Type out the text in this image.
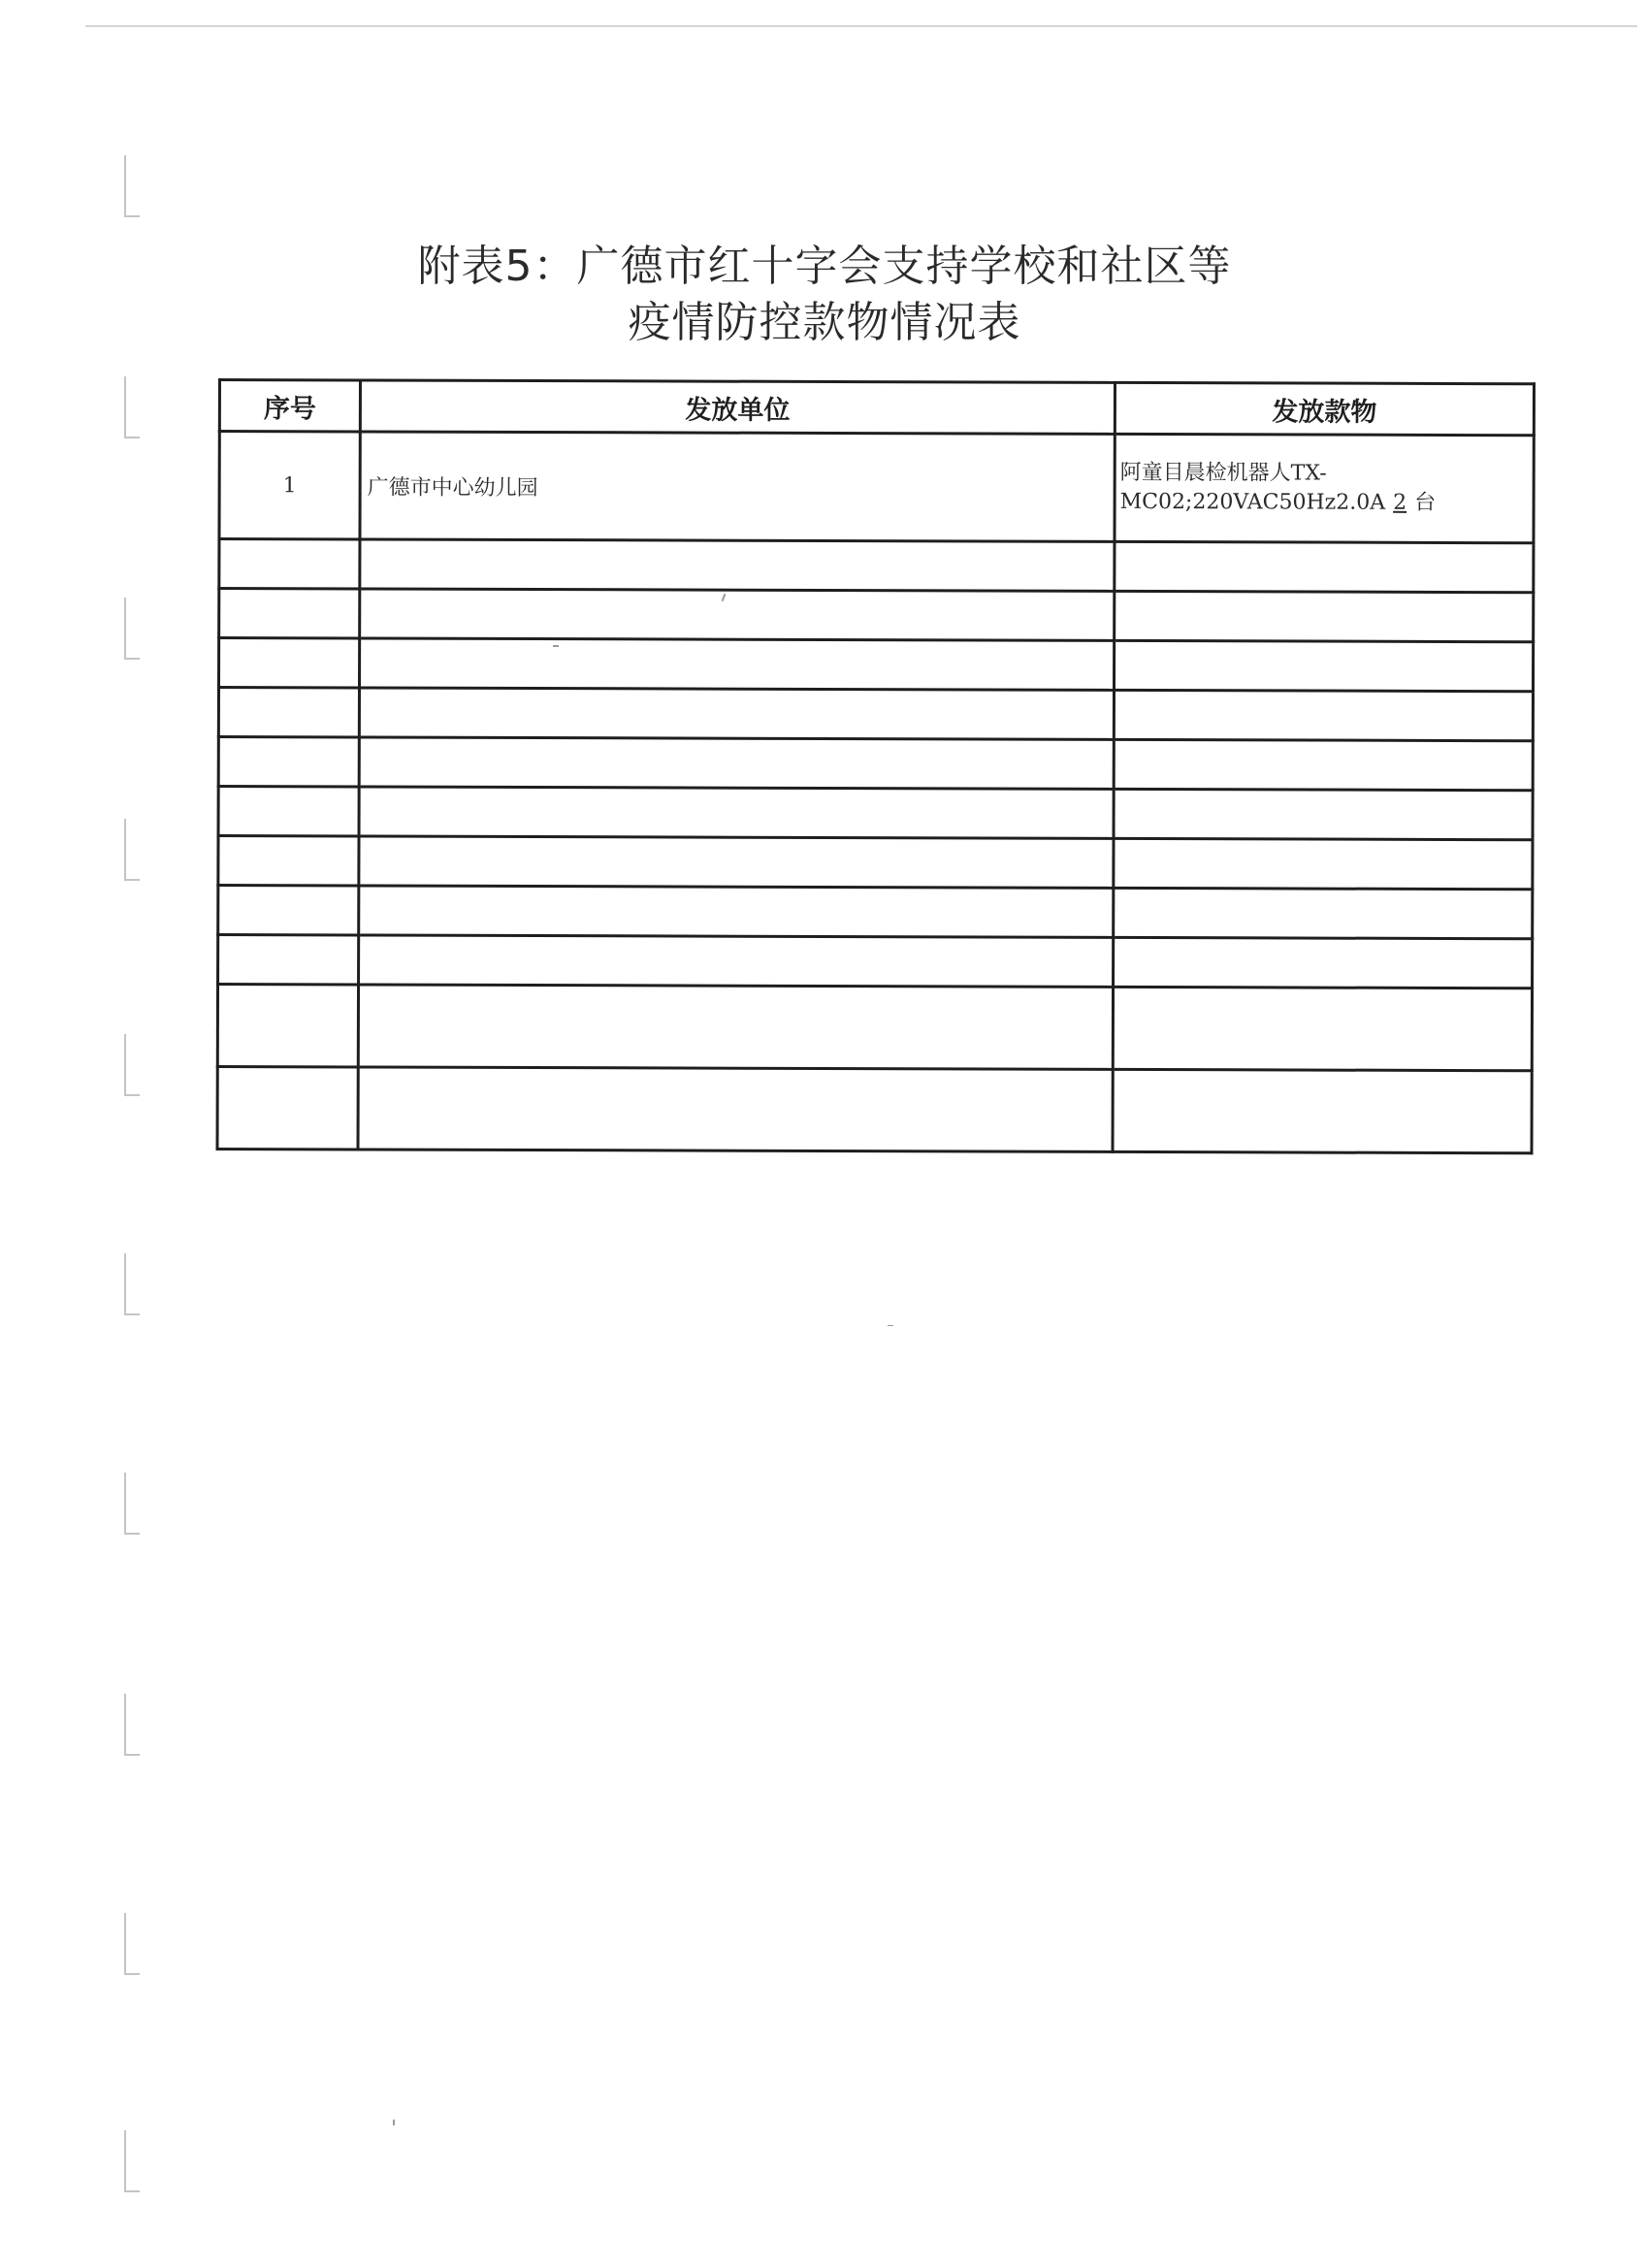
附表5：广德市红十字会支持学校和社区等
疫情防控款物情况表
序号	发放单位	发放款物
1	广德市中心幼儿园	阿童目晨检机器人TX-
MC02;220VAC50Hz2.0A 2 台
